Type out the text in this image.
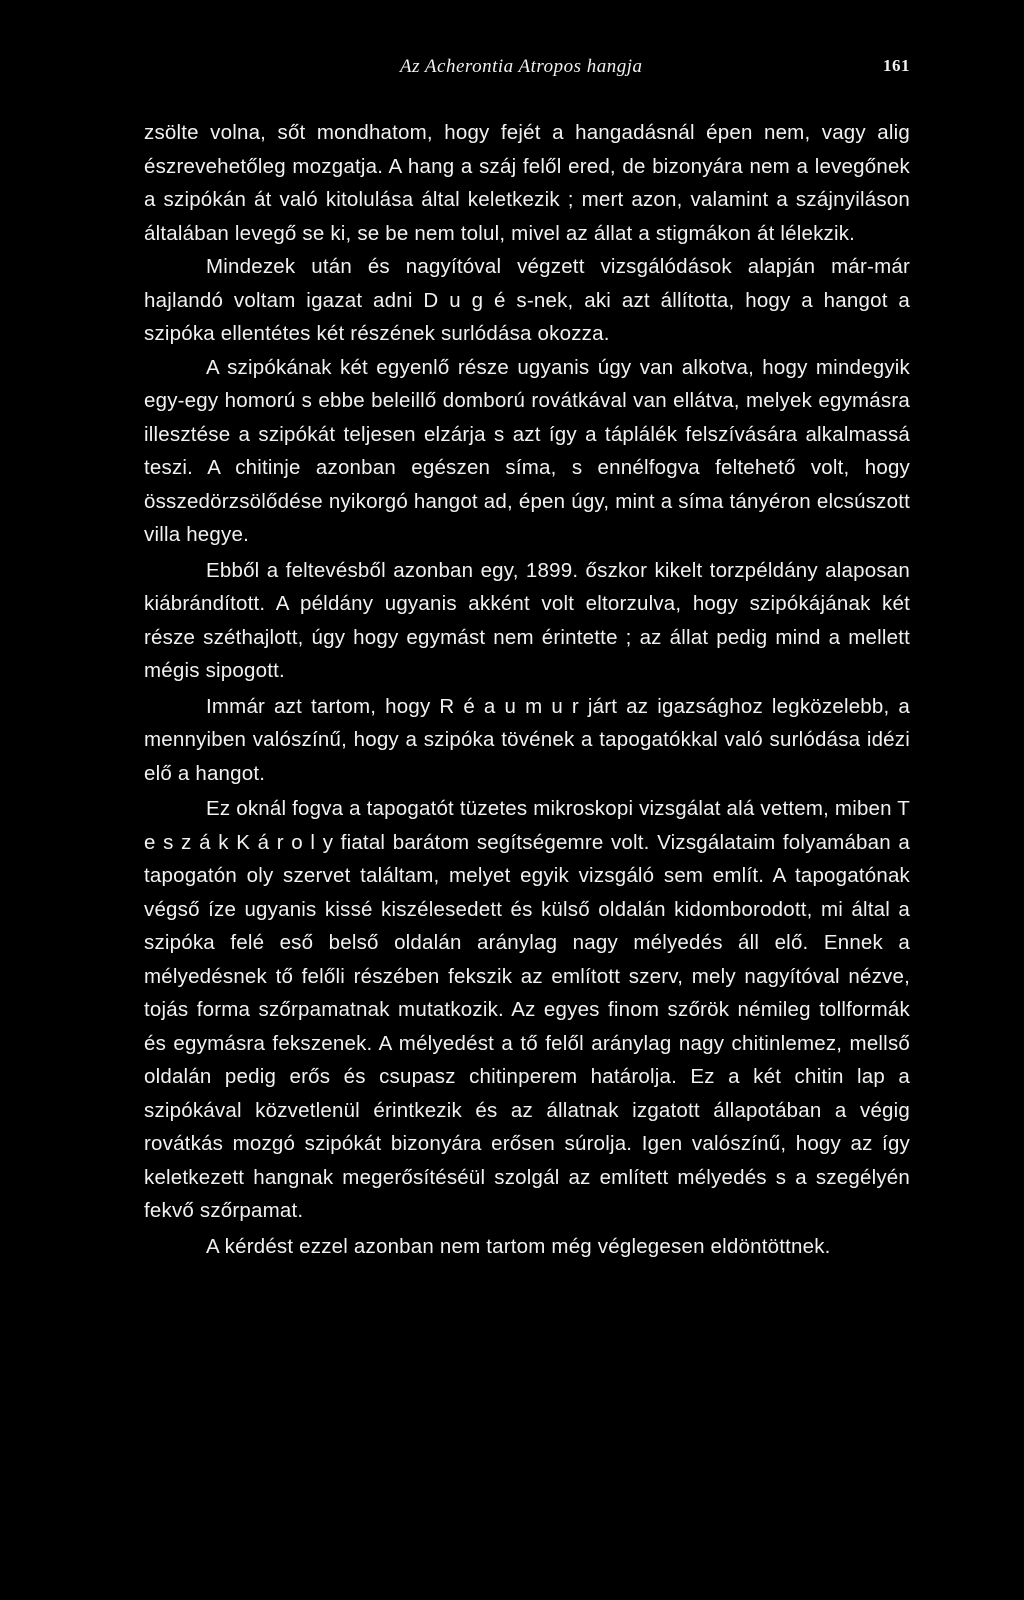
Az Acherontia Atropos hangja	161

zsölte volna, sőt mondhatom, hogy fejét a hangadásnál épen nem, vagy alig észrevehetőleg mozgatja. A hang a száj felől ered, de bizonyára nem a levegőnek a szipókán át való kitolulása által keletkezik ; mert azon, valamint a szájnyiláson általában levegő se ki, se be nem tolul, mivel az állat a stigmákon át lélekzik.

Mindezek után és nagyítóval végzett vizsgálódások alapján már-már hajlandó voltam igazat adni D u g é s-nek, aki azt állította, hogy a hangot a szipóka ellentétes két részének surlódása okozza.

A szipókának két egyenlő része ugyanis úgy van alkotva, hogy mindegyik egy-egy homorú s ebbe beleillő domború rovátkával van ellátva, melyek egymásra illesztése a szipókát teljesen elzárja s azt így a táplálék felszívására alkalmassá teszi. A chitinje azonban egészen síma, s ennélfogva feltehető volt, hogy összedörzsölődése nyikorgó hangot ad, épen úgy, mint a síma tányéron elcsúszott villa hegye.

Ebből a feltevésből azonban egy, 1899. őszkor kikelt torzpéldány alaposan kiábrándított. A példány ugyanis akként volt eltorzulva, hogy szipókájának két része széthajlott, úgy hogy egymást nem érintette ; az állat pedig mind a mellett mégis sipogott.

Immár azt tartom, hogy R é a u m u r járt az igazsághoz legközelebb, a mennyiben valószínű, hogy a szipóka tövének a tapogatókkal való surlódása idézi elő a hangot.

Ez oknál fogva a tapogatót tüzetes mikroskopi vizsgálat alá vettem, miben T e s z á k K á r o l y fiatal barátom segítségemre volt. Vizsgálataim folyamában a tapogatón oly szervet találtam, melyet egyik vizsgáló sem említ. A tapogatónak végső íze ugyanis kissé kiszélesedett és külső oldalán kidomborodott, mi által a szipóka felé eső belső oldalán aránylag nagy mélyedés áll elő. Ennek a mélyedésnek tő felőli részében fekszik az említott szerv, mely nagyítóval nézve, tojás forma szőrpamatnak mutatkozik. Az egyes finom szőrök némileg tollformák és egymásra fekszenek. A mélyedést a tő felől aránylag nagy chitinlemez, mellső oldalán pedig erős és csupasz chitinperem határolja. Ez a két chitin lap a szipókával közvetlenül érintkezik és az állatnak izgatott állapotában a végig rovátkás mozgó szipókát bizonyára erősen súrolja. Igen valószínű, hogy az így keletkezett hangnak megerősítéséül szolgál az említett mélyedés s a szegélyén fekvő szőrpamat.

A kérdést ezzel azonban nem tartom még véglegesen eldöntöttnek.
